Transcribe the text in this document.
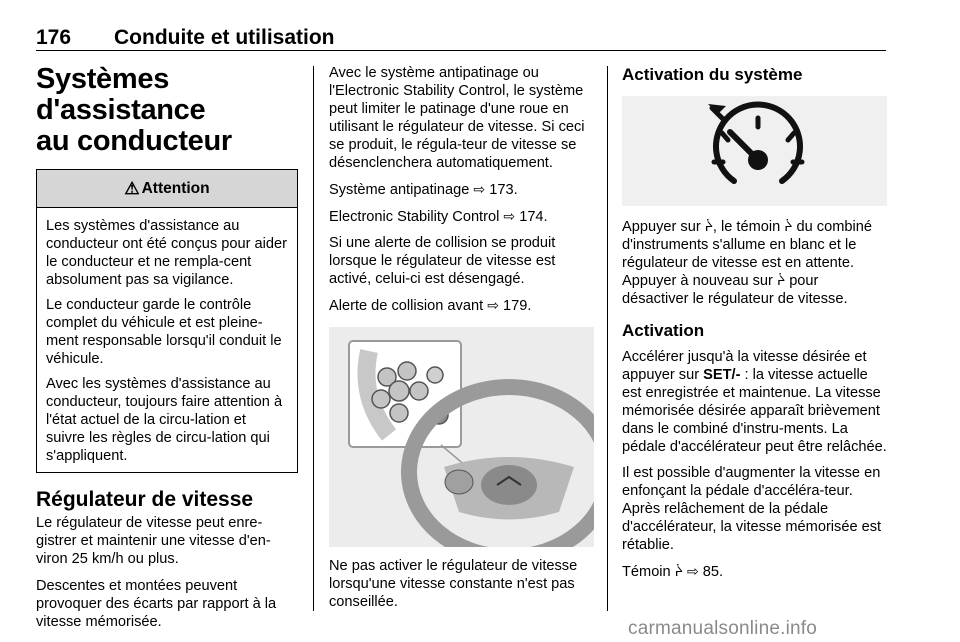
176 Conduite et utilisation
Systèmes d'assistance
au conducteur
⚠ Attention

Les systèmes d'assistance au conducteur ont été conçus pour aider le conducteur et ne rempla-cent absolument pas sa vigilance.

Le conducteur garde le contrôle complet du véhicule et est pleine-ment responsable lorsqu'il conduit le véhicule.

Avec les systèmes d'assistance au conducteur, toujours faire attention à l'état actuel de la circu-lation et suivre les règles de circu-lation qui s'appliquent.

Régulateur de vitesse

Le régulateur de vitesse peut enre-gistrer et maintenir une vitesse d'en-viron 25 km/h ou plus.

Descentes et montées peuvent provoquer des écarts par rapport à la vitesse mémorisée.

Avec le système antipatinage ou l'Electronic Stability Control, le système peut limiter le patinage d'une roue en utilisant le régulateur de vitesse. Si ceci se produit, le régula-teur de vitesse se désenclenchera automatiquement.

Système antipatinage ⇨ 173.

Electronic Stability Control ⇨ 174.

Si une alerte de collision se produit lorsque le régulateur de vitesse est activé, celui-ci est désengagé.

Alerte de collision avant ⇨ 179.

Ne pas activer le régulateur de vitesse lorsqu'une vitesse constante n'est pas conseillée.

Activation du système

Appuyer sur ᔩ, le témoin ᔩ du combiné d'instruments s'allume en blanc et le régulateur de vitesse est en attente. Appuyer à nouveau sur ᔩ pour désactiver le régulateur de vitesse.

Activation

Accélérer jusqu'à la vitesse désirée et appuyer sur SET/- : la vitesse actuelle est enregistrée et maintenue. La vitesse mémorisée désirée apparaît brièvement dans le combiné d'instru-ments. La pédale d'accélérateur peut être relâchée.

Il est possible d'augmenter la vitesse en enfonçant la pédale d'accéléra-teur. Après relâchement de la pédale d'accélérateur, la vitesse mémorisée est rétablie.

Témoin ᔩ ⇨ 85.

carmanualsonline.info
